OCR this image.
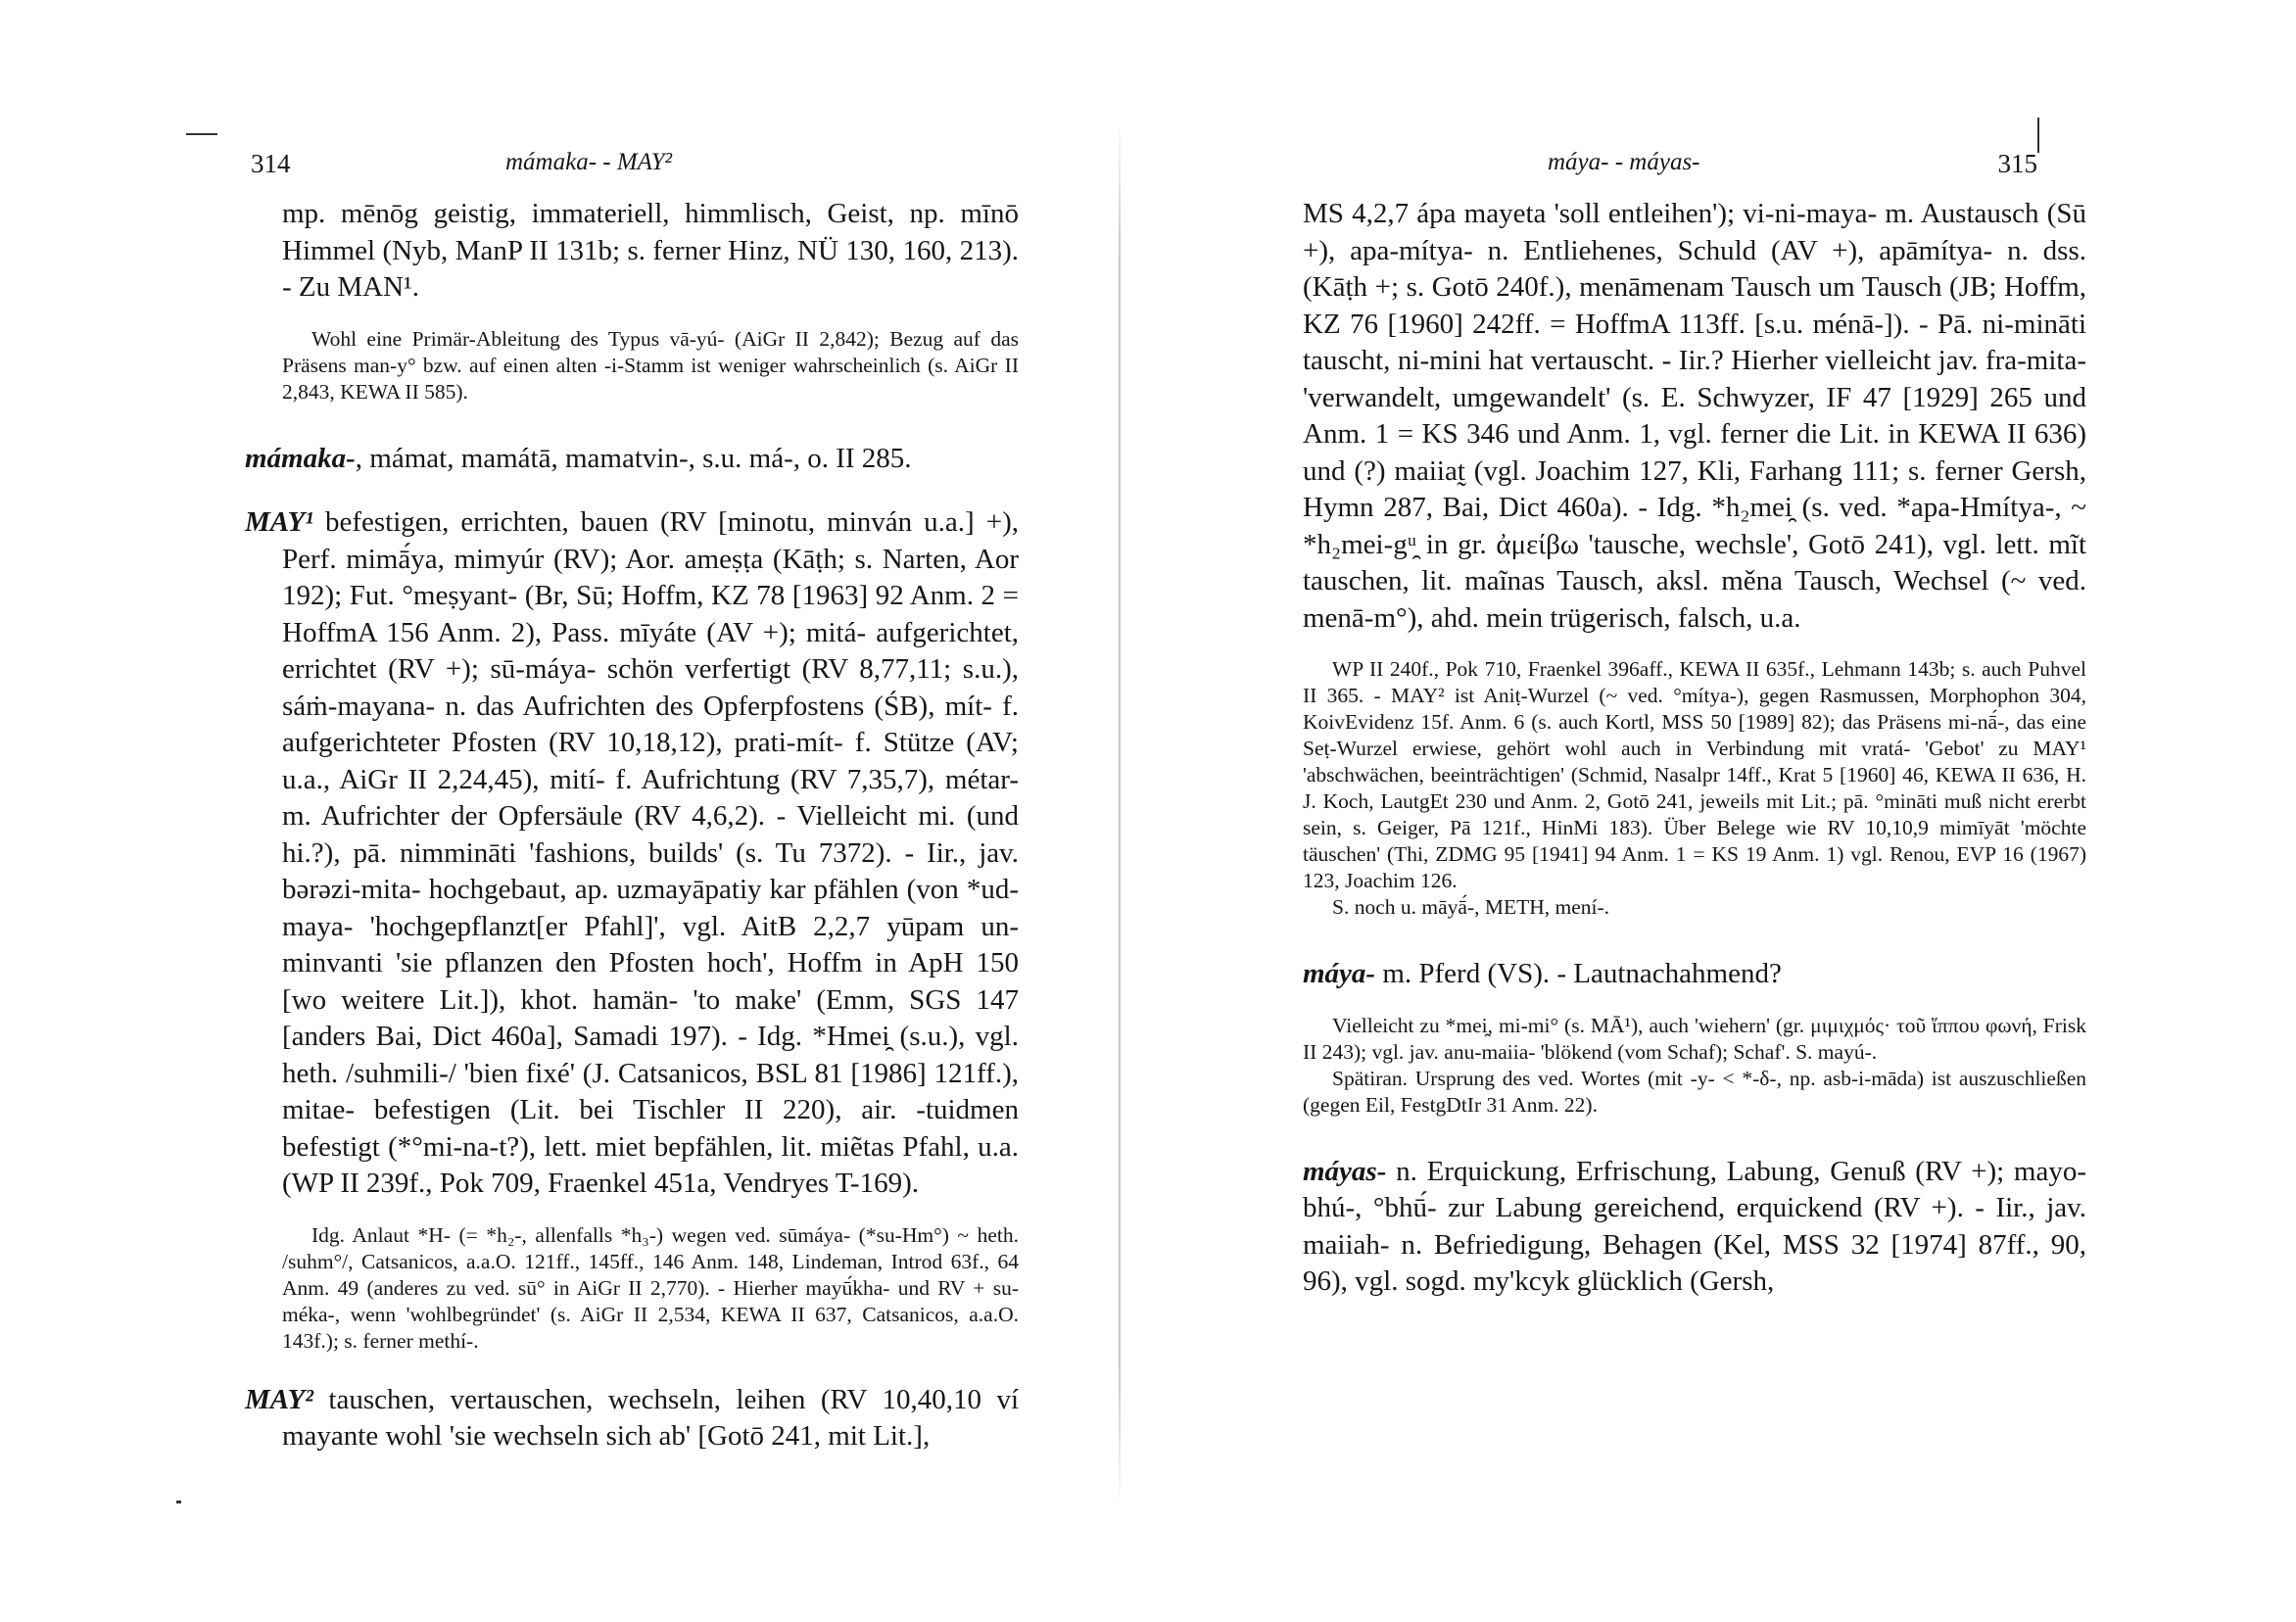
314	mámaka- - MAY²

mp. mēnōg geistig, immateriell, himmlisch, Geist, np. mīnō Himmel (Nyb, ManP II 131b; s. ferner Hinz, NÜ 130, 160, 213). - Zu MAN¹.

Wohl eine Primär-Ableitung des Typus vā-yú- (AiGr II 2,842); Bezug auf das Präsens man-y° bzw. auf einen alten -i-Stamm ist weniger wahrscheinlich (s. AiGr II 2,843, KEWA II 585).

mámaka-, mámat, mamátā, mamatvin-, s.u. má-, o. II 285.

MAY¹ befestigen, errichten, bauen (RV [minotu, minván u.a.] +), Perf. mimā́ya, mimyúr (RV); Aor. ameṣṭa (Kāṭh; s. Narten, Aor 192); Fut. °meṣyant- (Br, Sū; Hoffm, KZ 78 [1963] 92 Anm. 2 = HoffmA 156 Anm. 2), Pass. mīyáte (AV +); mitá- aufgerichtet, errichtet (RV +); sū-máya- schön verfertigt (RV 8,77,11; s.u.), sáṁ-mayana- n. das Aufrichten des Opferpfostens (ŚB), mít- f. aufgerichteter Pfosten (RV 10,18,12), prati-mít- f. Stütze (AV; u.a., AiGr II 2,24,45), mití- f. Aufrichtung (RV 7,35,7), métar- m. Aufrichter der Opfersäule (RV 4,6,2). - Vielleicht mi. (und hi.?), pā. nimmināti 'fashions, builds' (s. Tu 7372). - Iir., jav. bərəzi-mita- hochgebaut, ap. uzmayāpatiy kar pfählen (von *ud-maya- 'hochgepflanzt[er Pfahl]', vgl. AitB 2,2,7 yūpam un-minvanti 'sie pflanzen den Pfosten hoch', Hoffm in ApH 150 [wo weitere Lit.]), khot. hamän- 'to make' (Emm, SGS 147 [anders Bai, Dict 460a], Samadi 197). - Idg. *Hmei̯ (s.u.), vgl. heth. /suhmili-/ 'bien fixé' (J. Catsanicos, BSL 81 [1986] 121ff.), mitae- befestigen (Lit. bei Tischler II 220), air. -tuidmen befestigt (*°mi-na-t?), lett. miet bepfählen, lit. miẽtas Pfahl, u.a. (WP II 239f., Pok 709, Fraenkel 451a, Vendryes T-169).

Idg. Anlaut *H- (= *h₂-, allenfalls *h₃-) wegen ved. sūmáya- (*su-Hm°) ~ heth. /suhm°/, Catsanicos, a.a.O. 121ff., 145ff., 146 Anm. 148, Lindeman, Introd 63f., 64 Anm. 49 (anderes zu ved. sū° in AiGr II 2,770). - Hierher mayū́kha- und RV + su-méka-, wenn 'wohlbegründet' (s. AiGr II 2,534, KEWA II 637, Catsanicos, a.a.O. 143f.); s. ferner methí-.

MAY² tauschen, vertauschen, wechseln, leihen (RV 10,40,10 ví mayante wohl 'sie wechseln sich ab' [Gotō 241, mit Lit.],

máya- - máyas-	315

MS 4,2,7 ápa mayeta 'soll entleihen'); vi-ni-maya- m. Austausch (Sū +), apa-mítya- n. Entliehenes, Schuld (AV +), apāmítya- n. dss. (Kāṭh +; s. Gotō 240f.), menāmenam Tausch um Tausch (JB; Hoffm, KZ 76 [1960] 242ff. = HoffmA 113ff. [s.u. ménā-]). - Pā. ni-mināti tauscht, ni-mini hat vertauscht. - Iir.? Hierher vielleicht jav. fra-mita- 'verwandelt, umgewandelt' (s. E. Schwyzer, IF 47 [1929] 265 und Anm. 1 = KS 346 und Anm. 1, vgl. ferner die Lit. in KEWA II 636) und (?) maiiat̰ (vgl. Joachim 127, Kli, Farhang 111; s. ferner Gersh, Hymn 287, Bai, Dict 460a). - Idg. *h₂mei̯ (s. ved. *apa-Hmítya-, ~ *h₂mei-gᵘ̯ in gr. ἀμείβω 'tausche, wechsle', Gotō 241), vgl. lett. mĩt tauschen, lit. maĩnas Tausch, aksl. měna Tausch, Wechsel (~ ved. menā-m°), ahd. mein trügerisch, falsch, u.a.

WP II 240f., Pok 710, Fraenkel 396aff., KEWA II 635f., Lehmann 143b; s. auch Puhvel II 365. - MAY² ist Aniṭ-Wurzel (~ ved. °mítya-), gegen Rasmussen, Morphophon 304, KoivEvidenz 15f. Anm. 6 (s. auch Kortl, MSS 50 [1989] 82); das Präsens mi-nā́-, das eine Seṭ-Wurzel erwiese, gehört wohl auch in Verbindung mit vratá- 'Gebot' zu MAY¹ 'abschwächen, beeinträchtigen' (Schmid, Nasalpr 14ff., Krat 5 [1960] 46, KEWA II 636, H. J. Koch, LautgEt 230 und Anm. 2, Gotō 241, jeweils mit Lit.; pā. °mināti muß nicht ererbt sein, s. Geiger, Pā 121f., HinMi 183). Über Belege wie RV 10,10,9 mimīyāt 'möchte täuschen' (Thi, ZDMG 95 [1941] 94 Anm. 1 = KS 19 Anm. 1) vgl. Renou, EVP 16 (1967) 123, Joachim 126.

S. noch u. māyā́-, METH, mení-.

máya- m. Pferd (VS). - Lautnachahmend?

Vielleicht zu *mei̯, mi-mi° (s. MĀ¹), auch 'wiehern' (gr. μιμιχμός· τοῦ ἵππου φωνή, Frisk II 243); vgl. jav. anu-maiia- 'blökend (vom Schaf); Schaf'. S. mayú-.

Spätiran. Ursprung des ved. Wortes (mit -y- < *-δ-, np. asb-i-māda) ist auszuschließen (gegen Eil, FestgDtIr 31 Anm. 22).

máyas- n. Erquickung, Erfrischung, Labung, Genuß (RV +); mayo-bhú-, °bhū́- zur Labung gereichend, erquickend (RV +). - Iir., jav. maiiah- n. Befriedigung, Behagen (Kel, MSS 32 [1974] 87ff., 90, 96), vgl. sogd. my'kcyk glücklich (Gersh,
